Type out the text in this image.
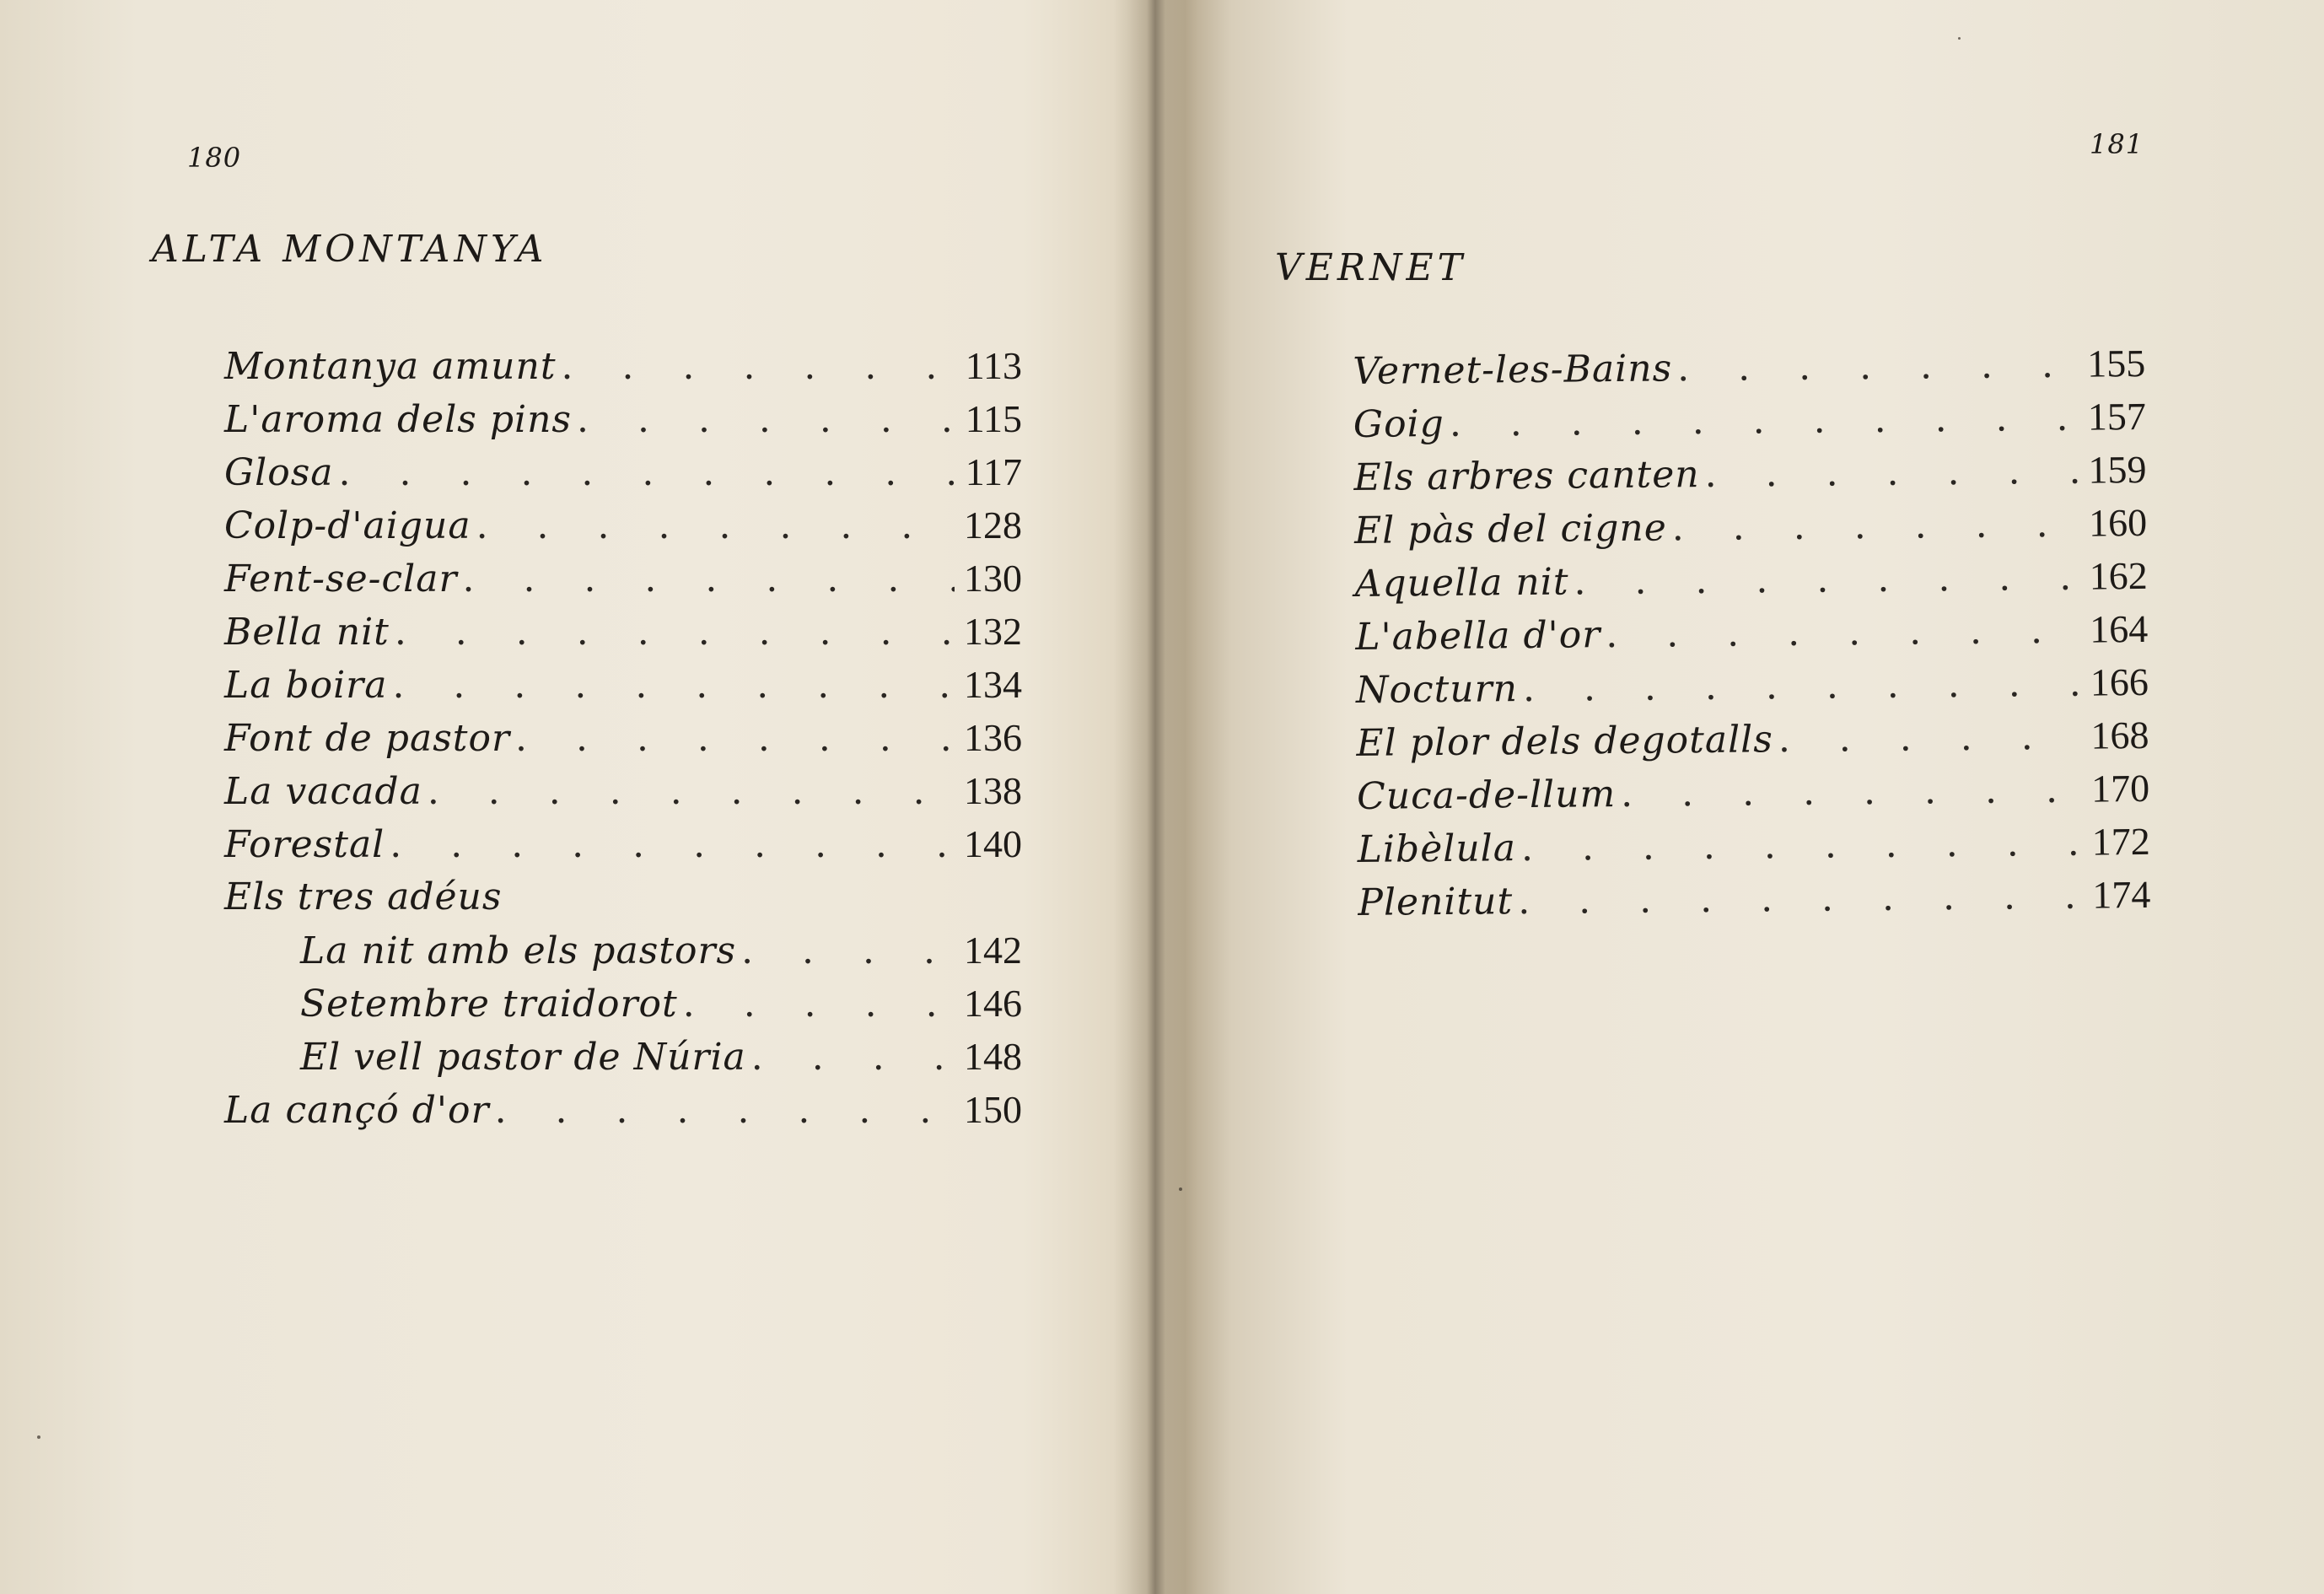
180
ALTA MONTANYA
Montanya amunt . . .	113
L'aroma dels pins . . .	115
Glosa . . .	117
Colp-d'aigua . . .	128
Fent-se-clar . . .	130
Bella nit . . .	132
La boira . . .	134
Font de pastor . . .	136
La vacada . . .	138
Forestal . . .	140
Els tres adéus
La nit amb els pastors . . .	142
Setembre traidorot . . .	146
El vell pastor de Núria . . .	148
La cançó d'or . . .	150
181
VERNET
Vernet-les-Bains . . .	155
Goig . . .	157
Els arbres canten . . .	159
El pàs del cigne . . .	160
Aquella nit . . .	162
L'abella d'or . . .	164
Nocturn . . .	166
El plor dels degotalls . . .	168
Cuca-de-llum . . .	170
Libèlula . . .	172
Plenitut . . .	174
